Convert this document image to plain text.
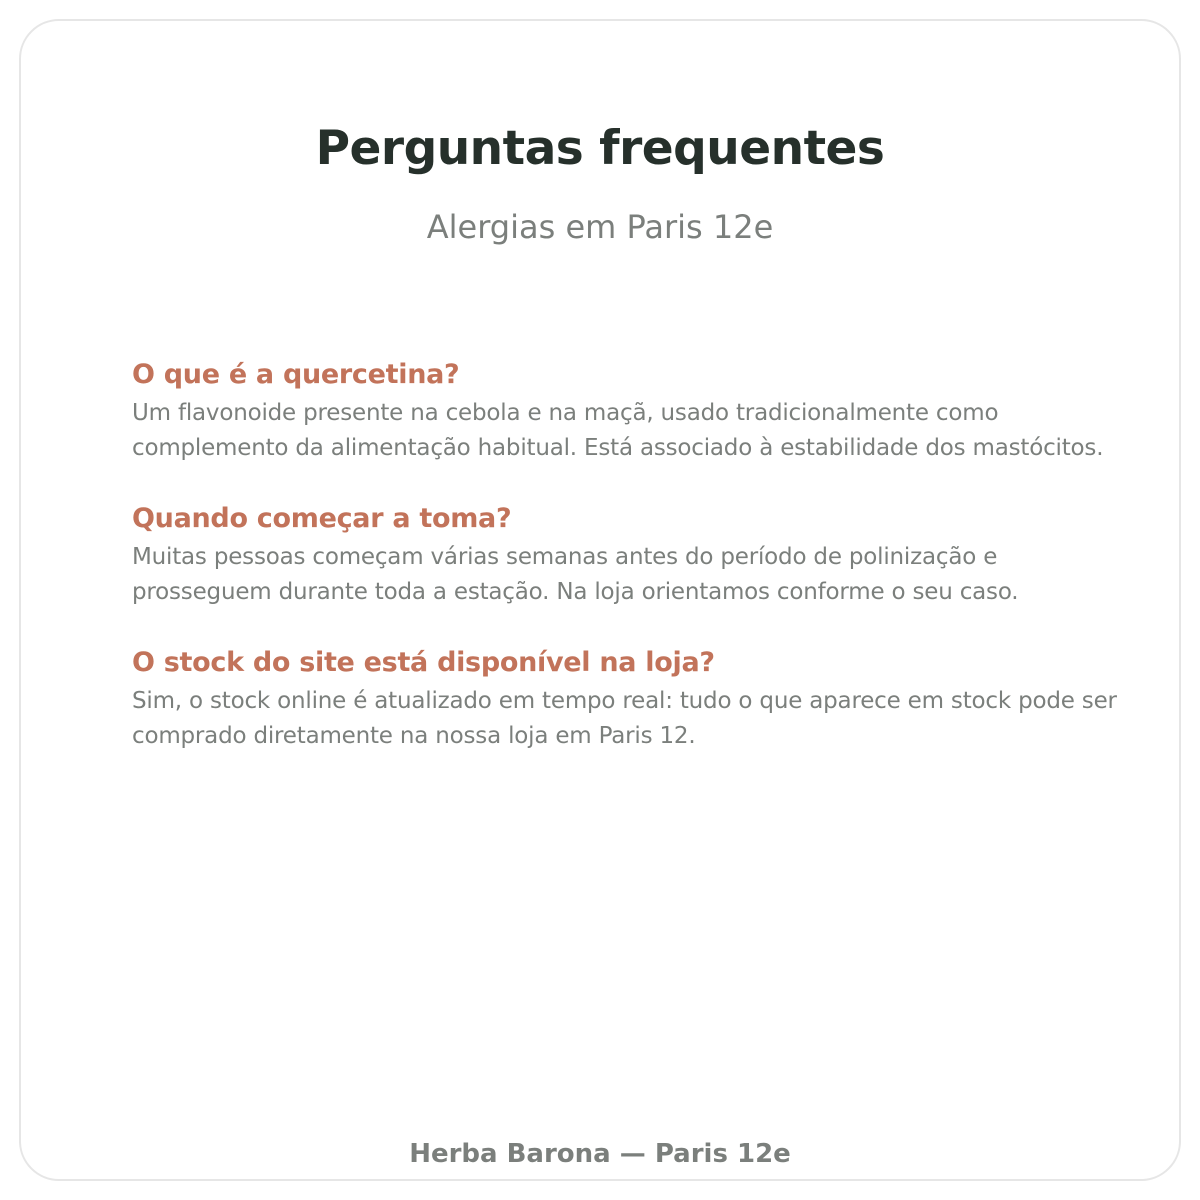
Perguntas frequentes

Alergias em Paris 12e

O que é a quercetina?

Um flavonoide presente na cebola e na maçã, usado tradicionalmente como complemento da alimentação habitual. Está associado à estabilidade dos mastócitos.

Quando começar a toma?

Muitas pessoas começam várias semanas antes do período de polinização e prosseguem durante toda a estação. Na loja orientamos conforme o seu caso.

O stock do site está disponível na loja?

Sim, o stock online é atualizado em tempo real: tudo o que aparece em stock pode ser comprado diretamente na nossa loja em Paris 12.

Herba Barona — Paris 12e
